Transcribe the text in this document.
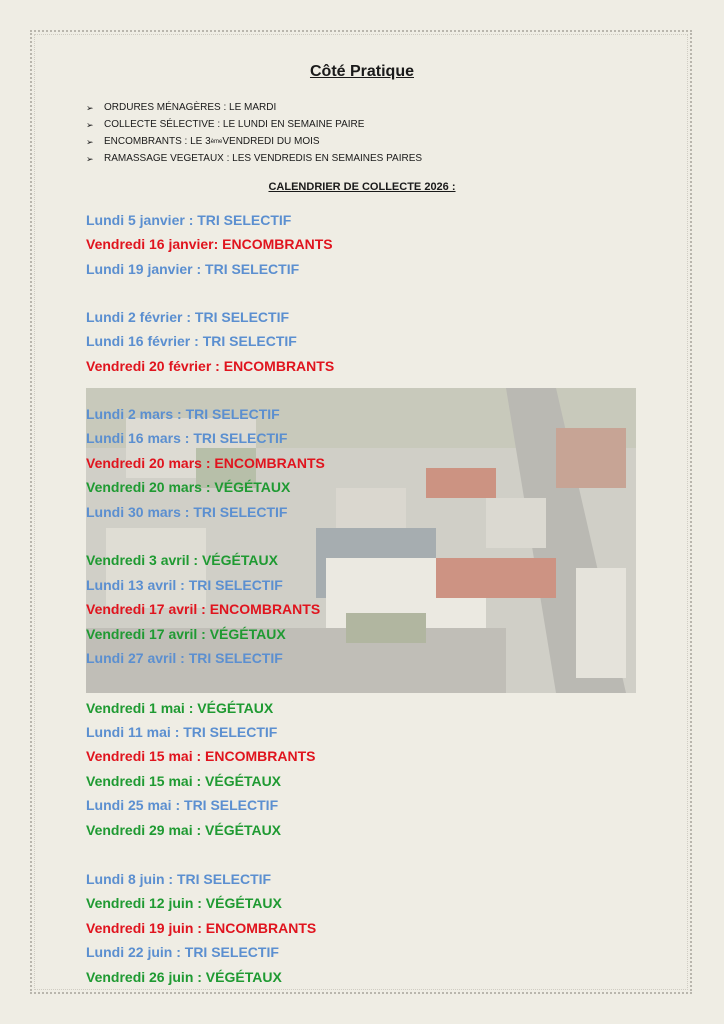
Côté Pratique
➢	ORDURES MÉNAGÈRES : LE MARDI
➢	COLLECTE SÉLECTIVE : LE LUNDI EN SEMAINE PAIRE
➢	ENCOMBRANTS : LE 3 ème VENDREDI DU MOIS
➢	RAMASSAGE VEGETAUX : LES VENDREDIS EN SEMAINES PAIRES
CALENDRIER DE COLLECTE 2026 :
Lundi 5 janvier : TRI SELECTIF
Vendredi 16 janvier: ENCOMBRANTS
Lundi 19 janvier : TRI SELECTIF
Lundi 2 février : TRI SELECTIF
Lundi 16 février : TRI SELECTIF
Vendredi 20 février : ENCOMBRANTS
Lundi 2 mars : TRI SELECTIF
Lundi 16 mars : TRI SELECTIF
Vendredi 20 mars : ENCOMBRANTS
Vendredi 20 mars : VÉGÉTAUX
Lundi 30 mars : TRI SELECTIF
Vendredi 3 avril : VÉGÉTAUX
Lundi 13 avril : TRI SELECTIF
Vendredi 17 avril : ENCOMBRANTS
Vendredi 17 avril : VÉGÉTAUX
Lundi 27 avril : TRI SELECTIF
Vendredi 1 mai : VÉGÉTAUX
Lundi 11 mai : TRI SELECTIF
Vendredi 15 mai : ENCOMBRANTS
Vendredi 15 mai : VÉGÉTAUX
Lundi 25 mai : TRI SELECTIF
Vendredi 29 mai : VÉGÉTAUX
Lundi 8 juin : TRI SELECTIF
Vendredi 12 juin : VÉGÉTAUX
Vendredi 19 juin : ENCOMBRANTS
Lundi 22 juin : TRI SELECTIF
Vendredi 26 juin : VÉGÉTAUX
